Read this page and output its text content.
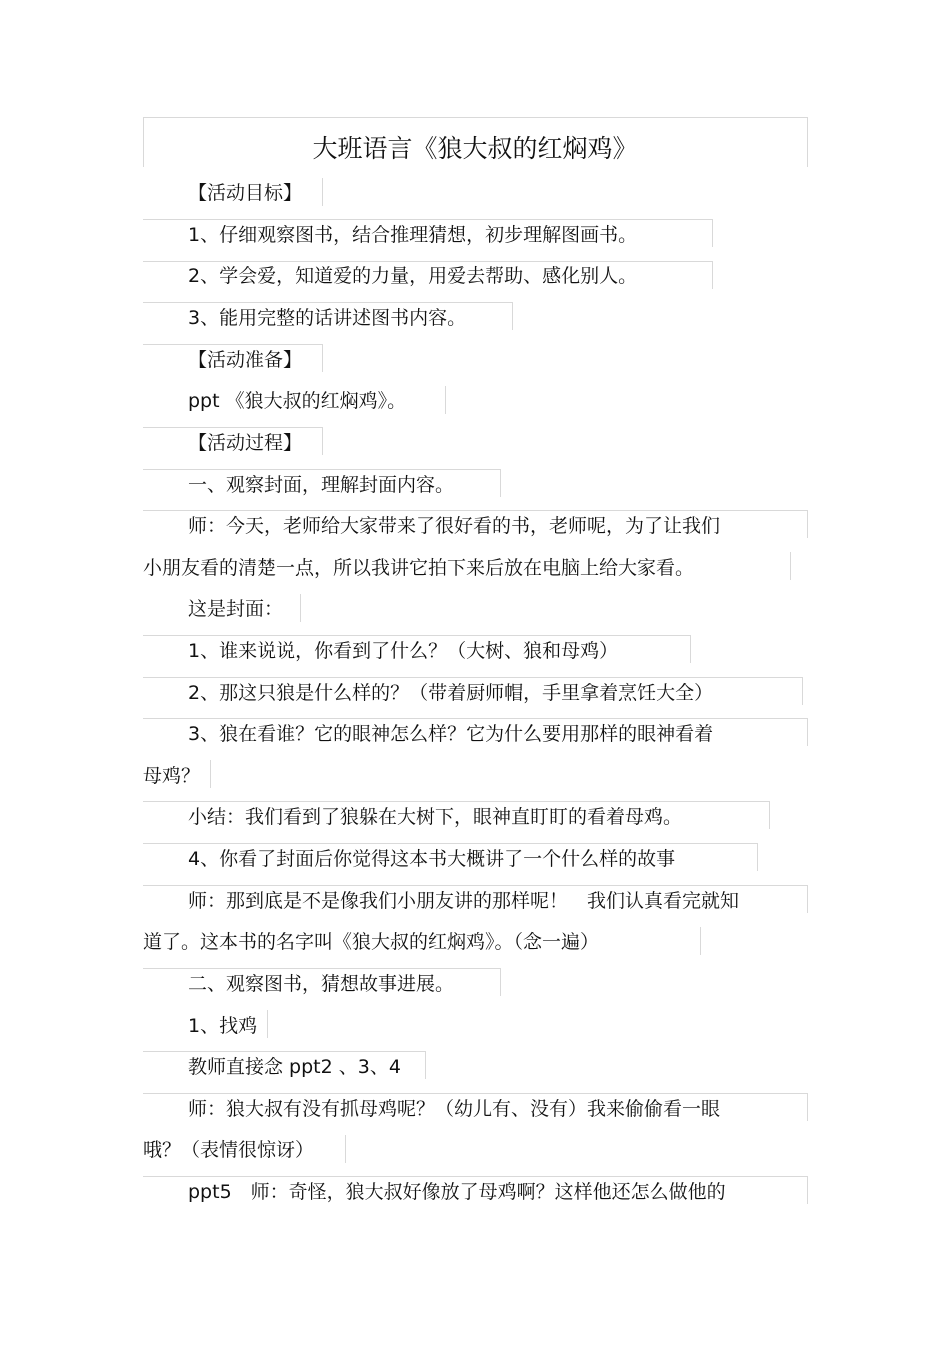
大班语言《狼大叔的红焖鸡》
【活动目标】
1、仔细观察图书，结合推理猜想，初步理解图画书。
2、学会爱，知道爱的力量，用爱去帮助、感化别人。
3、能用完整的话讲述图书内容。
【活动准备】
ppt 《狼大叔的红焖鸡》。
【活动过程】
一、观察封面，理解封面内容。
师：今天，老师给大家带来了很好看的书，老师呢，为了让我们
小朋友看的清楚一点，所以我讲它拍下来后放在电脑上给大家看。
这是封面：
1、谁来说说，你看到了什么？（大树、狼和母鸡）
2、那这只狼是什么样的？（带着厨师帽，手里拿着烹饪大全）
3、狼在看谁？它的眼神怎么样？它为什么要用那样的眼神看着
母鸡？
小结：我们看到了狼躲在大树下，眼神直盯盯的看着母鸡。
4、你看了封面后你觉得这本书大概讲了一个什么样的故事
师：那到底是不是像我们小朋友讲的那样呢！　我们认真看完就知
道了。这本书的名字叫《狼大叔的红焖鸡》。（念一遍）
二、观察图书，猜想故事进展。
1、找鸡
教师直接念 ppt2 、3、4
师：狼大叔有没有抓母鸡呢？（幼儿有、没有）我来偷偷看一眼
哦？（表情很惊讶）
ppt5　师：奇怪，狼大叔好像放了母鸡啊？这样他还怎么做他的
